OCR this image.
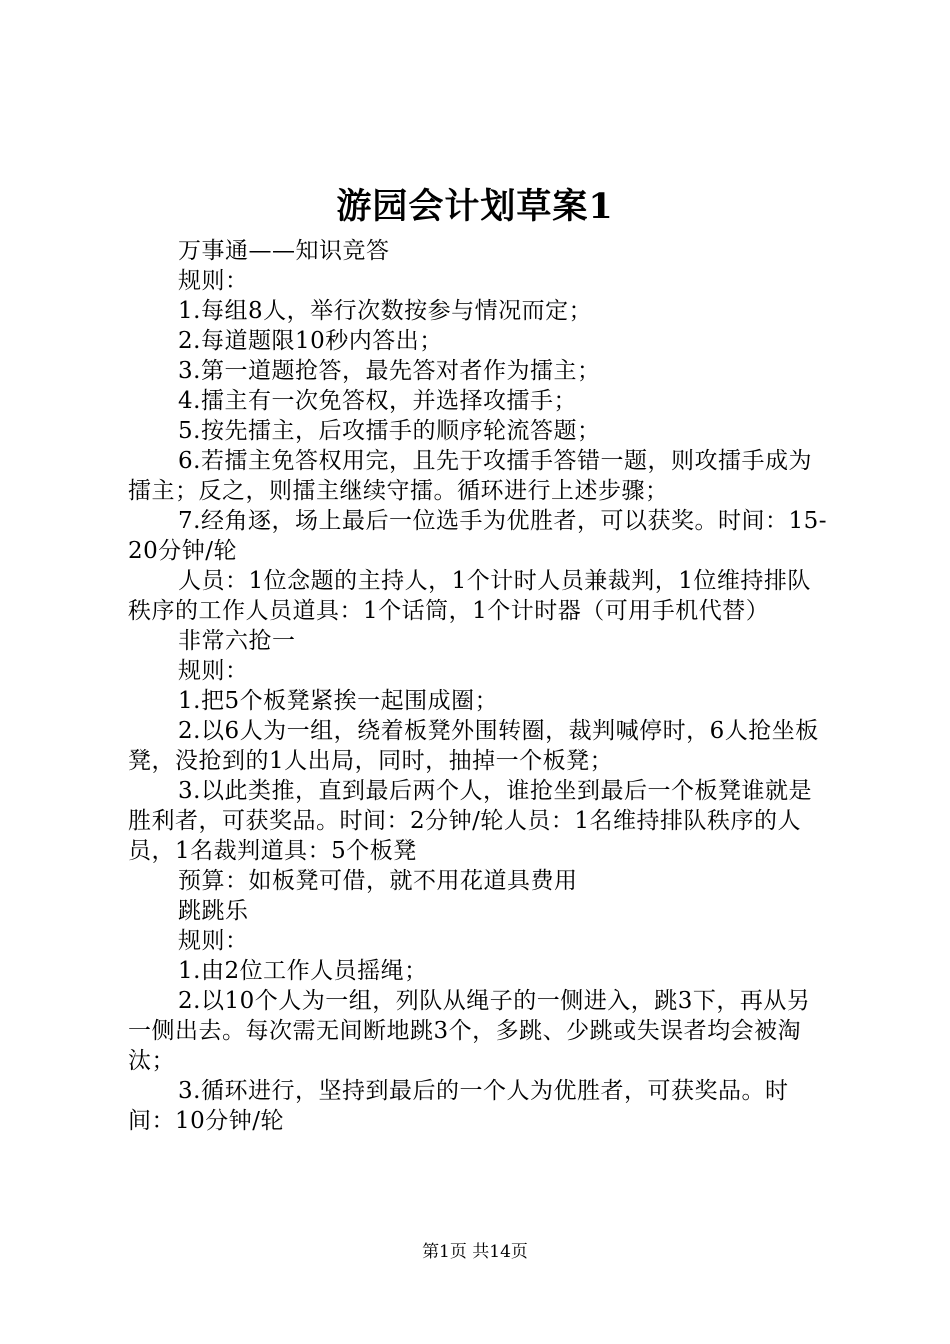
游园会计划草案1
万事通——知识竞答
规则：
1.每组8人，举行次数按参与情况而定；
2.每道题限10秒内答出；
3.第一道题抢答，最先答对者作为擂主；
4.擂主有一次免答权，并选择攻擂手；
5.按先擂主，后攻擂手的顺序轮流答题；
6.若擂主免答权用完，且先于攻擂手答错一题，则攻擂手成为擂主；反之，则擂主继续守擂。循环进行上述步骤；
7.经角逐，场上最后一位选手为优胜者，可以获奖。时间：15-20分钟/轮
人员：1位念题的主持人，1个计时人员兼裁判，1位维持排队秩序的工作人员道具：1个话筒，1个计时器（可用手机代替）
非常六抢一
规则：
1.把5个板凳紧挨一起围成圈；
2.以6人为一组，绕着板凳外围转圈，裁判喊停时，6人抢坐板凳，没抢到的1人出局，同时，抽掉一个板凳；
3.以此类推，直到最后两个人，谁抢坐到最后一个板凳谁就是胜利者，可获奖品。时间：2分钟/轮人员：1名维持排队秩序的人员，1名裁判道具：5个板凳
预算：如板凳可借，就不用花道具费用
跳跳乐
规则：
1.由2位工作人员摇绳；
2.以10个人为一组，列队从绳子的一侧进入，跳3下，再从另一侧出去。每次需无间断地跳3个，多跳、少跳或失误者均会被淘汰；
3.循环进行，坚持到最后的一个人为优胜者，可获奖品。时间：10分钟/轮
第1页 共14页
